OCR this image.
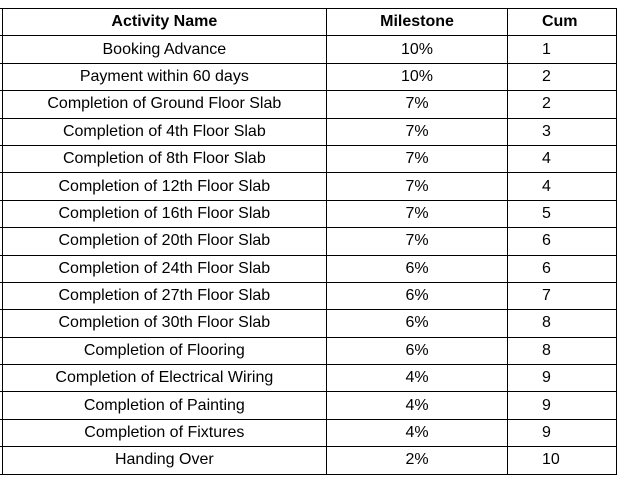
	Activity Name	Milestone	Cum
	Booking Advance	10%	1
	Payment within 60 days	10%	2
	Completion of Ground Floor Slab	7%	2
	Completion of 4th Floor Slab	7%	3
	Completion of 8th Floor Slab	7%	4
	Completion of 12th Floor Slab	7%	4
	Completion of 16th Floor Slab	7%	5
	Completion of 20th Floor Slab	7%	6
	Completion of 24th Floor Slab	6%	6
	Completion of 27th Floor Slab	6%	7
	Completion of 30th Floor Slab	6%	8
	Completion of Flooring	6%	8
	Completion of Electrical Wiring	4%	9
	Completion of Painting	4%	9
	Completion of Fixtures	4%	9
	Handing Over	2%	10
